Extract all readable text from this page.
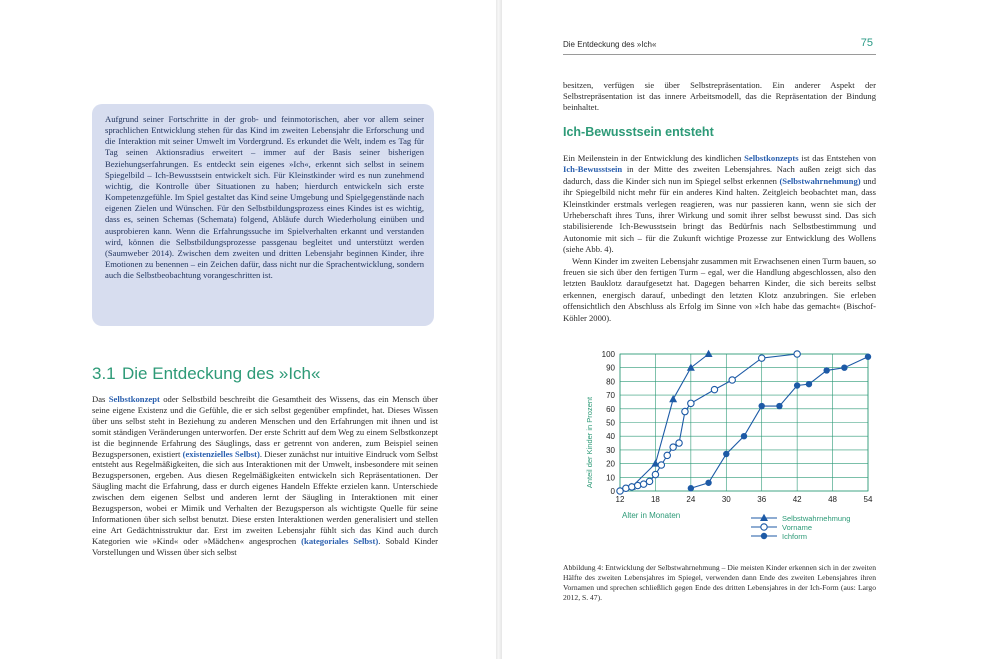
Aufgrund seiner Fortschritte in der grob- und feinmotorischen, aber vor allem seiner sprachlichen Entwicklung stehen für das Kind im zweiten Lebensjahr die Erforschung und die Interaktion mit seiner Umwelt im Vordergrund. Es erkundet die Welt, indem es Tag für Tag seinen Aktionsradius erweitert – immer auf der Basis seiner bisherigen Beziehungserfahrungen. Es entdeckt sein eigenes »Ich«, erkennt sich selbst in seinem Spiegelbild – Ich-Bewusstsein entwickelt sich. Für Kleinstkinder wird es nun zunehmend wichtig, die Kontrolle über Situationen zu haben; hierdurch entwickeln sich erste Kompetenzgefühle. Im Spiel gestaltet das Kind seine Umgebung und Spielgegenstände nach eigenen Zielen und Wünschen. Für den Selbstbildungsprozess eines Kindes ist es wichtig, dass es, seinen Schemas (Schemata) folgend, Abläufe durch Wiederholung einüben und ausprobieren kann. Wenn die Erfahrungssuche im Spielverhalten erkannt und verstanden wird, können die Selbstbildungsprozesse passgenau begleitet und unterstützt werden (Saumweber 2014). Zwischen dem zweiten und dritten Lebensjahr beginnen Kinder, ihre Emotionen zu benennen – ein Zeichen dafür, dass nicht nur die Sprachentwicklung, sondern auch die Selbstbeobachtung vorangeschritten ist.
3.1 Die Entdeckung des »Ich«

Das Selbstkonzept oder Selbstbild beschreibt die Gesamtheit des Wissens, das ein Mensch über seine eigene Existenz und die Gefühle, die er sich selbst gegenüber empfindet, hat. Dieses Wissen über uns selbst steht in Beziehung zu anderen Menschen und den Erfahrungen mit ihnen und ist somit ständigen Veränderungen unterworfen. Der erste Schritt auf dem Weg zu einem Selbstkonzept ist die beginnende Erfahrung des Säuglings, dass er getrennt von anderen, zum Beispiel seinen Bezugspersonen, existiert (existenzielles Selbst). Dieser zunächst nur intuitive Eindruck vom Selbst entsteht aus Regelmäßigkeiten, die sich aus Interaktionen mit der Umwelt, insbesondere mit seinen Bezugspersonen, ergeben. Aus diesen Regelmäßigkeiten entwickeln sich Repräsentationen. Der Säugling macht die Erfahrung, dass er durch eigenes Handeln Effekte erzielen kann. Unterschiede zwischen dem eigenen Selbst und anderen lernt der Säugling in Interaktionen mit einer Bezugsperson, wobei er Mimik und Verhalten der Bezugsperson als wichtigste Quelle für seine Informationen über sich selbst benutzt. Diese ersten Interaktionen werden generalisiert und stellen eine Art Gedächtnisstruktur dar. Erst im zweiten Lebensjahr fühlt sich das Kind auch durch Kategorien wie »Kind« oder »Mädchen« angesprochen (kategoriales Selbst). Sobald Kinder Vorstellungen und Wissen über sich selbst

Die Entdeckung des »Ich«	75

besitzen, verfügen sie über Selbstrepräsentation. Ein anderer Aspekt der Selbstrepräsentation ist das innere Arbeitsmodell, das die Repräsentation der Bindung beinhaltet.

Ich-Bewusstsein entsteht

Ein Meilenstein in der Entwicklung des kindlichen Selbstkonzepts ist das Entstehen von Ich-Bewusstsein in der Mitte des zweiten Lebensjahres. Nach außen zeigt sich das dadurch, dass die Kinder sich nun im Spiegel selbst erkennen (Selbstwahrnehmung) und ihr Spiegelbild nicht mehr für ein anderes Kind halten. Zeitgleich beobachtet man, dass Kleinstkinder erstmals verlegen reagieren, was nur passieren kann, wenn sie sich der Urheberschaft ihres Tuns, ihrer Wirkung und somit ihrer selbst bewusst sind. Das sich stabilisierende Ich-Bewusstsein bringt das Bedürfnis nach Selbstbestimmung und Autonomie mit sich – für die Zukunft wichtige Prozesse zur Entwicklung des Wollens (siehe Abb. 4).

Wenn Kinder im zweiten Lebensjahr zusammen mit Erwachsenen einen Turm bauen, so freuen sie sich über den fertigen Turm – egal, wer die Handlung abgeschlossen, also den letzten Bauklotz daraufgesetzt hat. Dagegen beharren Kinder, die sich bereits selbst erkennen, energisch darauf, unbedingt den letzten Klotz anzubringen. Sie erleben offensichtlich den Abschluss als Erfolg im Sinne von »Ich habe das gemacht« (Bischof-Köhler 2000).

0
10
20
30
40
50
60
70
80
90
100
12	18	24	30	36	42	48	54
Selbstwahrnehmung
Vorname
Ichform
Anteil der Kinder in Prozent
Alter in Monaten

Abbildung 4: Entwicklung der Selbstwahrnehmung – Die meisten Kinder erkennen sich in der zweiten Hälfte des zweiten Lebensjahres im Spiegel, verwenden dann Ende des zweiten Lebensjahres ihren Vornamen und sprechen schließlich gegen Ende des dritten Lebensjahres in der Ich-Form (aus: Largo 2012, S. 47).
